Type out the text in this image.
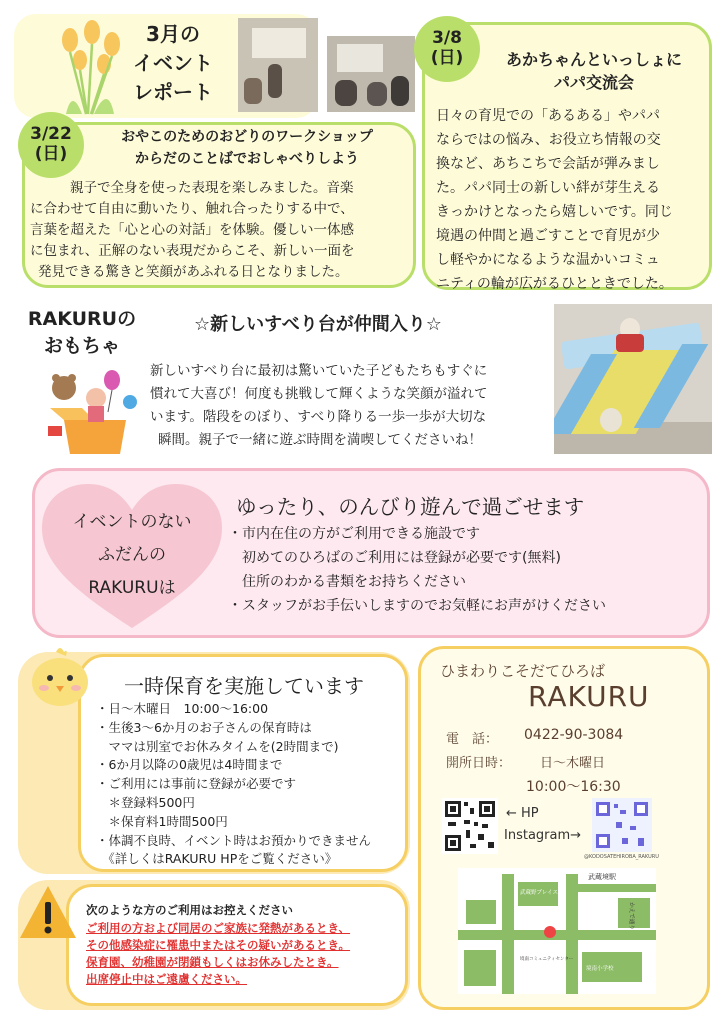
3月の
イベント
レポート
3/8
(日)	あかちゃんといっしょに
パパ交流会
日々の育児での「あるある」やパパ
ならではの悩み、お役立ち情報の交
換など、あちこちで会話が弾みまし
た。パパ同士の新しい絆が芽生える
きっかけとなったら嬉しいです。同じ
境遇の仲間と過ごすことで育児が少
し軽やかになるような温かいコミュ
ニティの輪が広がるひとときでした。
3/22
(日)
おやこのためのおどりのワークショップ
からだのことばでおしゃべりしよう
親子で全身を使った表現を楽しみました。音楽
に合わせて自由に動いたり、触れ合ったりする中で、
言葉を超えた「心と心の対話」を体験。優しい一体感
に包まれ、正解のない表現だからこそ、新しい一面を
発見できる驚きと笑顔があふれる日となりました。
RAKURUの
おもちゃ
☆新しいすべり台が仲間入り☆
新しいすべり台に最初は驚いていた子どもたちもすぐに
慣れて大喜び！何度も挑戦して輝くような笑顔が溢れて
います。階段をのぼり、すべり降りる一歩一歩が大切な
瞬間。親子で一緒に遊ぶ時間を満喫してくださいね！
イベントのない
ふだんの
RAKURUは
ゆったり、のんびり遊んで過ごせます
・市内在住の方がご利用できる施設です
　初めてのひろばのご利用には登録が必要です(無料)
　住所のわかる書類をお持ちください
・スタッフがお手伝いしますのでお気軽にお声がけください
一時保育を実施しています
・日～木曜日　10:00～16:00
・生後3～6か月のお子さんの保育時は
　ママは別室でお休みタイムを(2時間まで)
・6か月以降の0歳児は4時間まで
・ご利用には事前に登録が必要です
　＊登録料500円
　＊保育料1時間500円
・体調不良時、イベント時はお預かりできません
　《詳しくはRAKURU HPをご覧ください》
次のような方のご利用はお控えください
ご利用の方および同居のご家族に発熱があるとき、
その他感染症に罹患中またはその疑いがあるとき。
保育園、幼稚園が閉鎖もしくはお休みしたとき。
出席停止中はご遠慮ください。
ひまわりこそだてひろば
RAKURU
電　話： 0422-90-3084
開所日時： 日～木曜日
10:00～16:30
← HP
Instagram→
@KODOSATEHIROBA_RAKURU
武蔵境駅
武蔵野プレイス
かえで通り
境南小学校
境南コミュニティセンター
